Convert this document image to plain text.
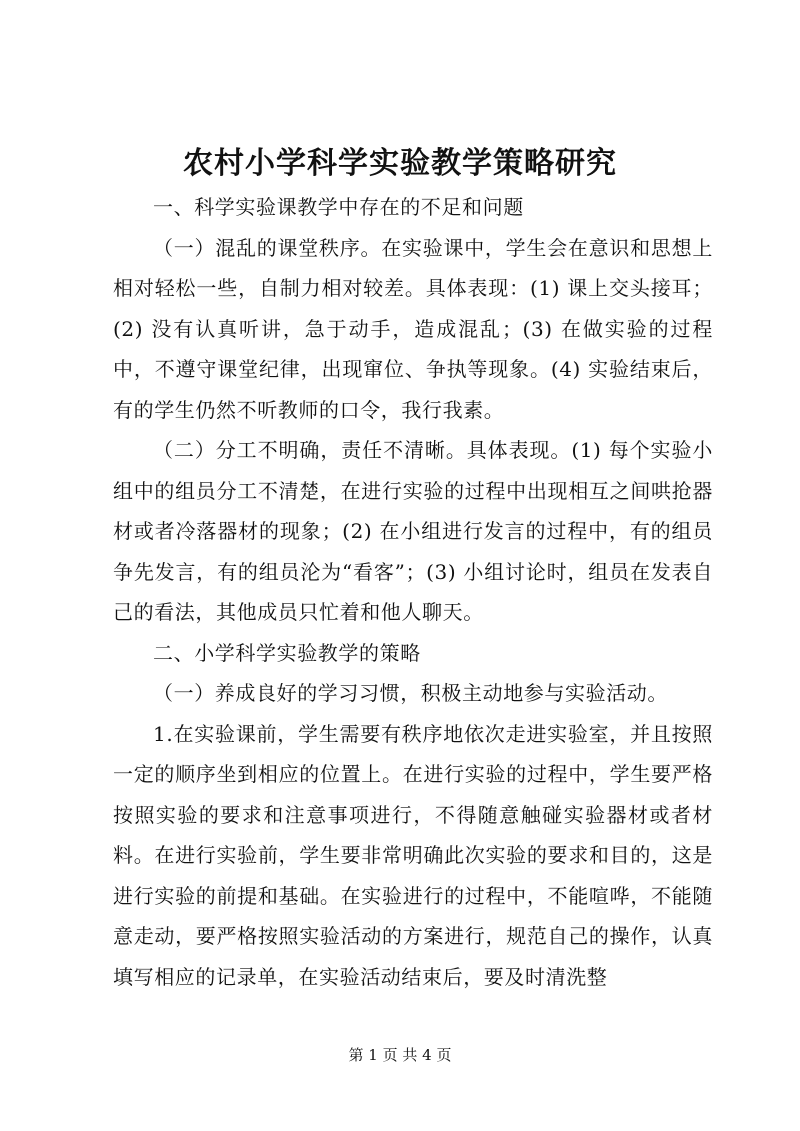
农村小学科学实验教学策略研究

一、科学实验课教学中存在的不足和问题

（一）混乱的课堂秩序。在实验课中，学生会在意识和思想上相对轻松一些，自制力相对较差。具体表现：(1) 课上交头接耳；(2) 没有认真听讲，急于动手，造成混乱；(3) 在做实验的过程中，不遵守课堂纪律，出现窜位、争执等现象。(4) 实验结束后，有的学生仍然不听教师的口令，我行我素。

（二）分工不明确，责任不清晰。具体表现。(1) 每个实验小组中的组员分工不清楚，在进行实验的过程中出现相互之间哄抢器材或者冷落器材的现象；(2) 在小组进行发言的过程中，有的组员争先发言，有的组员沦为“看客”；(3) 小组讨论时，组员在发表自己的看法，其他成员只忙着和他人聊天。

二、小学科学实验教学的策略

（一）养成良好的学习习惯，积极主动地参与实验活动。

1.在实验课前，学生需要有秩序地依次走进实验室，并且按照一定的顺序坐到相应的位置上。在进行实验的过程中，学生要严格按照实验的要求和注意事项进行，不得随意触碰实验器材或者材料。在进行实验前，学生要非常明确此次实验的要求和目的，这是进行实验的前提和基础。在实验进行的过程中，不能喧哗，不能随意走动，要严格按照实验活动的方案进行，规范自己的操作，认真填写相应的记录单，在实验活动结束后，要及时清洗整

第 1 页 共 4 页
